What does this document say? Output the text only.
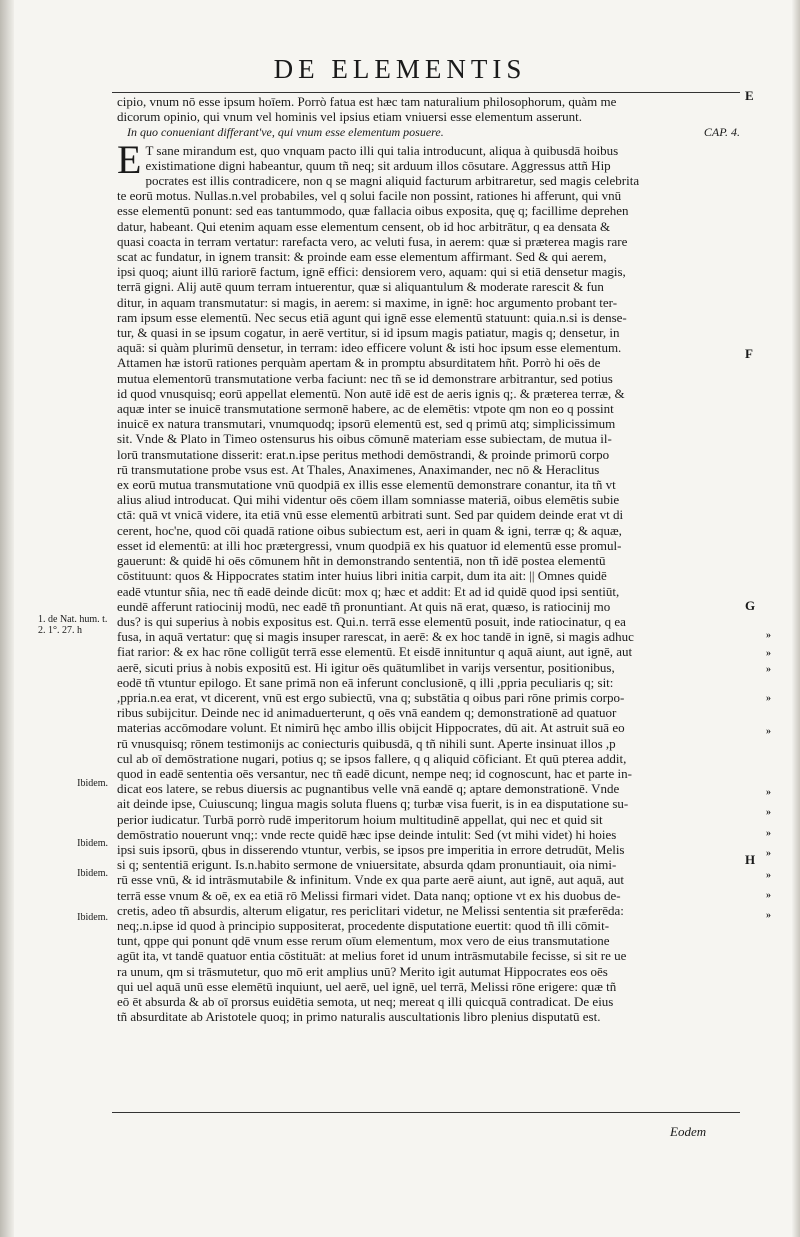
DE ELEMENTIS

cipio, vnum nō esse ipsum hoīem. Porrò fatua est hæc tam naturalium philosophorum, quàm me

dicorum opinio, qui vnum vel hominis vel ipsius etiam vniuersi esse elementum asserunt.

In quo conueniant differant've, qui vnum esse elementum posuere.	CAP. 4.
E T sane mirandum est, quo vnquam pacto illi qui talia introducunt, aliqua à quibusdā hoibus

existimatione digni habeantur, quum tñ neq; sit arduum illos cōsutare. Aggressus attñ Hip

pocrates est illis contradicere, non q se magni aliquid facturum arbitraretur, sed magis celebrita

te eorū motus. Nullas.n.vel probabiles, vel q solui facile non possint, rationes hi afferunt, qui vnū

esse elementū ponunt: sed eas tantummodo, quæ fallacia oibus exposita, quę q; facillime deprehen

datur, habeant. Qui etenim aquam esse elementum censent, ob id hoc arbitrātur, q ea densata &

quasi coacta in terram vertatur: rarefacta vero, ac veluti fusa, in aerem: quæ si præterea magis rare

scat ac fundatur, in ignem transit: & proinde eam esse elementum affirmant. Sed & qui aerem,

ipsi quoq; aiunt illū rariorē factum, ignē effici: densiorem vero, aquam: qui si etiā densetur magis,

terrā gigni. Alij autē quum terram intuerentur, quæ si aliquantulum & moderate rarescit & fun

ditur, in aquam transmutatur: si magis, in aerem: si maxime, in ignē: hoc argumento probant ter-

ram ipsum esse elementū. Nec secus etiā agunt qui ignē esse elementū statuunt: quia.n.si is dense-

tur, & quasi in se ipsum cogatur, in aerē vertitur, si id ipsum magis patiatur, magis q; densetur, in

aquā: si quàm plurimū densetur, in terram: ideo efficere volunt & isti hoc ipsum esse elementum.

Attamen hæ istorū rationes perquàm apertam & in promptu absurditatem hñt. Porrò hi oēs de

mutua elementorū transmutatione verba faciunt: nec tñ se id demonstrare arbitrantur, sed potius

id quod vnusquisq; eorū appellat elementū. Non autē idē est de aeris ignis q;. & præterea terræ, &

aquæ inter se inuicē transmutatione sermonē habere, ac de elemētis: vtpote qm non eo q possint

inuicē ex natura transmutari, vnumquodq; ipsorū elementū est, sed q primū atq; simplicissimum

sit. Vnde & Plato in Timeo ostensurus his oibus cōmunē materiam esse subiectam, de mutua il-

lorū transmutatione disserit: erat.n.ipse peritus methodi demōstrandi, & proinde primorū corpo

rū transmutatione probe vsus est. At Thales, Anaximenes, Anaximander, nec nō & Heraclitus

ex eorū mutua transmutatione vnū quodpiā ex illis esse elementū demonstrare conantur, ita tñ vt

alius aliud introducat. Qui mihi videntur oēs cōem illam somniasse materiā, oibus elemētis subie

ctā: quā vt vnicā videre, ita etiā vnū esse elementū arbitrati sunt. Sed par quidem deinde erat vt di

cerent, hoc'ne, quod cōi quadā ratione oibus subiectum est, aeri in quam & igni, terræ q; & aquæ,

esset id elementū: at illi hoc prætergressi, vnum quodpiā ex his quatuor id elementū esse promul-

gauerunt: & quidē hi oēs cōmunem hñt in demonstrando sententiā, non tñ idē postea elementū

cōstituunt: quos & Hippocrates statim inter huius libri initia carpit, dum ita ait: || Omnes quidē

eadē vtuntur sñia, nec tñ eadē deinde dicūt: mox q; hæc et addit: Et ad id quidē quod ipsi sentiūt,

eundē afferunt ratiocinij modū, nec eadē tñ pronuntiant. At quis nā erat, quæso, is ratiocinij mo

dus? is qui superius à nobis expositus est. Qui.n. terrā esse elementū posuit, inde ratiocinatur, q ea

fusa, in aquā vertatur: quę si magis insuper rarescat, in aerē: & ex hoc tandē in ignē, si magis adhuc

fiat rarior: & ex hac rōne colligūt terrā esse elementū. Et eisdē innituntur q aquā aiunt, aut ignē, aut

aerē, sicuti prius à nobis expositū est. Hi igitur oēs quātumlibet in varijs versentur, positionibus,

eodē tñ vtuntur epilogo. Et sane primā non eā inferunt conclusionē, q illi ,ppria peculiaris q; sit:

,ppria.n.ea erat, vt dicerent, vnū est ergo subiectū, vna q; substātia q oibus pari rōne primis corpo-

ribus subijcitur. Deinde nec id animaduerterunt, q oēs vnā eandem q; demonstrationē ad quatuor

materias accōmodare volunt. Et nimirū hęc ambo illis obijcit Hippocrates, dū ait. At astruit suā eo

rū vnusquisq; rōnem testimonijs ac coniecturis quibusdā, q tñ nihili sunt. Aperte insinuat illos ,p

cul ab oī demōstratione nugari, potius q; se ipsos fallere, q q aliquid cōficiant. Et quū pterea addit,

quod in eadē sententia oēs versantur, nec tñ eadē dicunt, nempe neq; id cognoscunt, hac et parte in-

dicat eos latere, se rebus diuersis ac pugnantibus velle vnā eandē q; aptare demonstrationē. Vnde

ait deinde ipse, Cuiuscunq; lingua magis soluta fluens q; turbæ visa fuerit, is in ea disputatione su-

perior iudicatur. Turbā porrò rudē imperitorum hoium multitudinē appellat, qui nec et quid sit

demōstratio nouerunt vnq;: vnde recte quidē hæc ipse deinde intulit: Sed (vt mihi videt) hi hoies

ipsi suis ipsorū, qbus in disserendo vtuntur, verbis, se ipsos pre imperitia in errore detrudūt, Melis

si q; sententiā erigunt. Is.n.habito sermone de vniuersitate, absurda qdam pronuntiauit, oia nimi-

rū esse vnū, & id intrāsmutabile & infinitum. Vnde ex qua parte aerē aiunt, aut ignē, aut aquā, aut

terrā esse vnum & oē, ex ea etiā rō Melissi firmari videt. Data nanq; optione vt ex his duobus de-

cretis, adeo tñ absurdis, alterum eligatur, res periclitari videtur, ne Melissi sententia sit præferēda:

neq;.n.ipse id quod à principio suppositerat, procedente disputatione euertit: quod tñ illi cōmit-

tunt, qppe qui ponunt qdē vnum esse rerum oīum elementum, mox vero de eius transmutatione

agūt ita, vt tandē quatuor entia cōstituāt: at melius foret id unum intrāsmutabile fecisse, si sit re ue

ra unum, qm si trāsmutetur, quo mō erit amplius unū? Merito igit autumat Hippocrates eos oēs

qui uel aquā unū esse elemētū inquiunt, uel aerē, uel ignē, uel terrā, Melissi rōne erigere: quæ tñ

eō ēt absurda & ab oī prorsus euidētia semota, ut neq; mereat q illi quicquā contradicat. De eius

tñ absurditate ab Aristotele quoq; in primo naturalis auscultationis libro plenius disputatū est.

E
F
G
H
1. de Nat. hum. t. 2. 1°. 27. h
Ibidem.
Ibidem.
Ibidem.
Ibidem.
»
»
»
»
»
»
»
»
»
»
»
»
Eodem
